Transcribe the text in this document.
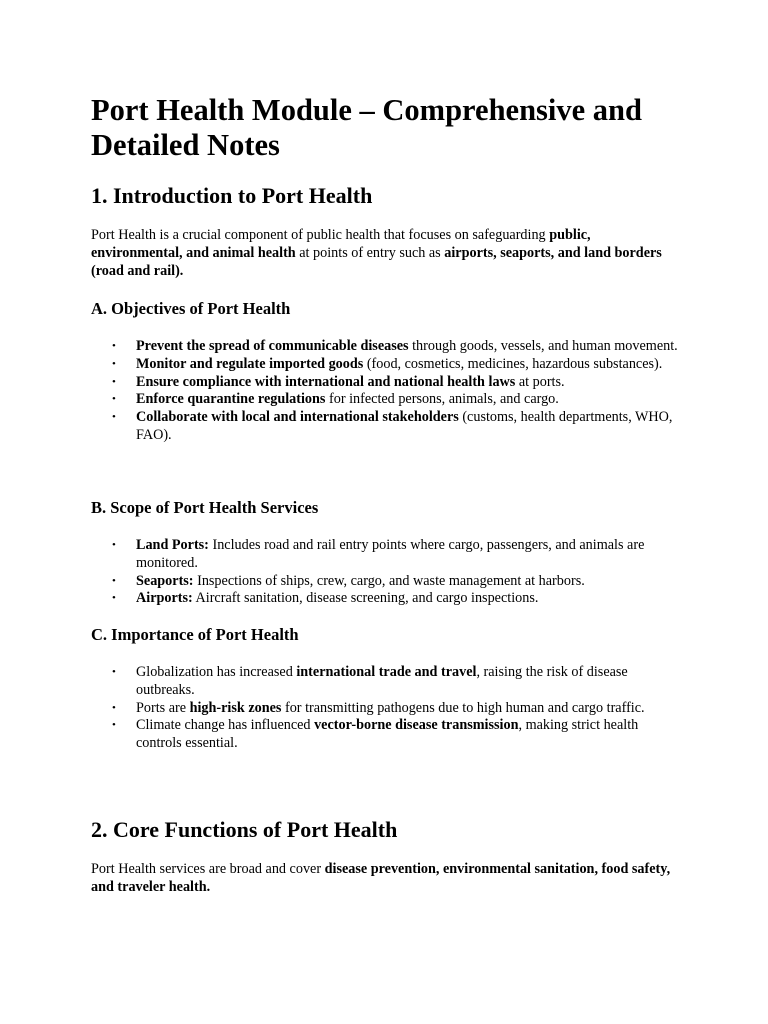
Port Health Module – Comprehensive and Detailed Notes
1. Introduction to Port Health

Port Health is a crucial component of public health that focuses on safeguarding public, environmental, and animal health at points of entry such as airports, seaports, and land borders (road and rail).

A. Objectives of Port Health
• Prevent the spread of communicable diseases through goods, vessels, and human movement.
• Monitor and regulate imported goods (food, cosmetics, medicines, hazardous substances).
• Ensure compliance with international and national health laws at ports.
• Enforce quarantine regulations for infected persons, animals, and cargo.
• Collaborate with local and international stakeholders (customs, health departments, WHO, FAO).
B. Scope of Port Health Services
• Land Ports: Includes road and rail entry points where cargo, passengers, and animals are monitored.
• Seaports: Inspections of ships, crew, cargo, and waste management at harbors.
• Airports: Aircraft sanitation, disease screening, and cargo inspections.
C. Importance of Port Health
• Globalization has increased international trade and travel, raising the risk of disease outbreaks.
• Ports are high-risk zones for transmitting pathogens due to high human and cargo traffic.
• Climate change has influenced vector-borne disease transmission, making strict health controls essential.
2. Core Functions of Port Health

Port Health services are broad and cover disease prevention, environmental sanitation, food safety, and traveler health.
